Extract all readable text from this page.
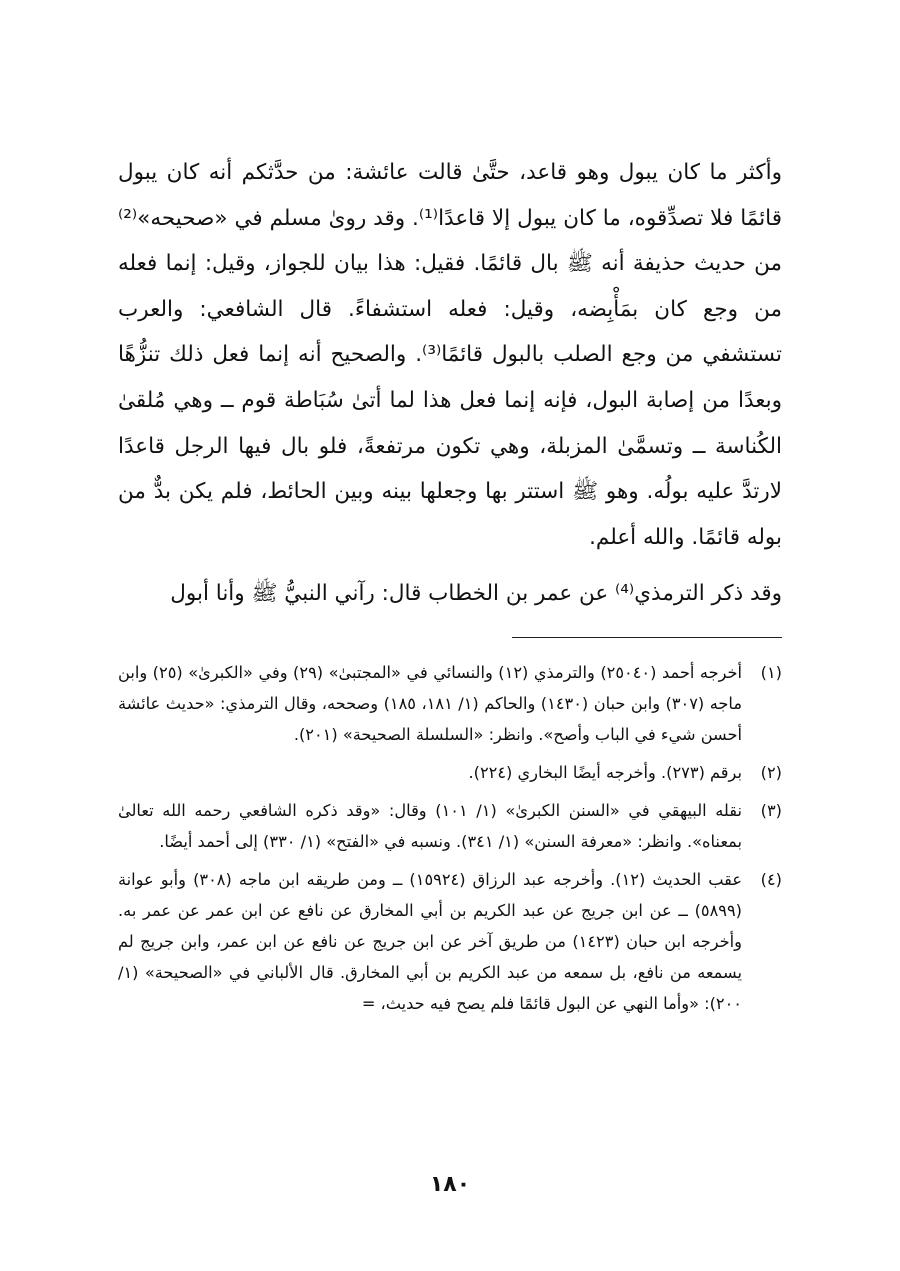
وأكثر ما كان يبول وهو قاعد، حتَّىٰ قالت عائشة: من حدَّثكم أنه كان يبول قائمًا فلا تصدِّقوه، ما كان يبول إلا قاعدًا⁽¹⁾. وقد روىٰ مسلم في «صحيحه»⁽²⁾ من حديث حذيفة أنه ﷺ بال قائمًا. فقيل: هذا بيان للجواز، وقيل: إنما فعله من وجع كان بمَأْبِضه، وقيل: فعله استشفاءً. قال الشافعي: والعرب تستشفي من وجع الصلب بالبول قائمًا⁽³⁾. والصحيح أنه إنما فعل ذلك تنزُّهًا وبعدًا من إصابة البول، فإنه إنما فعل هذا لما أتىٰ سُبَاطة قوم ــ وهي مُلقىٰ الكُناسة ــ وتسمَّىٰ المزبلة، وهي تكون مرتفعةً، فلو بال فيها الرجل قاعدًا لارتدَّ عليه بولُه. وهو ﷺ استتر بها وجعلها بينه وبين الحائط، فلم يكن بدٌّ من بوله قائمًا. والله أعلم.

وقد ذكر الترمذي⁽⁴⁾ عن عمر بن الخطاب قال: رآني النبيُّ ﷺ وأنا أبول

(١)
أخرجه أحمد (٢٥٠٤٠) والترمذي (١٢) والنسائي في «المجتبىٰ» (٢٩) وفي «الكبرىٰ» (٢٥) وابن ماجه (٣٠٧) وابن حبان (١٤٣٠) والحاكم (١/ ١٨١، ١٨٥) وصححه، وقال الترمذي: «حديث عائشة أحسن شيء في الباب وأصح». وانظر: «السلسلة الصحيحة» (٢٠١).
(٢)
برقم (٢٧٣). وأخرجه أيضًا البخاري (٢٢٤).
(٣)
نقله البيهقي في «السنن الكبرىٰ» (١/ ١٠١) وقال: «وقد ذكره الشافعي رحمه الله تعالىٰ بمعناه». وانظر: «معرفة السنن» (١/ ٣٤١). ونسبه في «الفتح» (١/ ٣٣٠) إلى أحمد أيضًا.
(٤)
عقب الحديث (١٢). وأخرجه عبد الرزاق (١٥٩٢٤) ــ ومن طريقه ابن ماجه (٣٠٨) وأبو عوانة (٥٨٩٩) ــ عن ابن جريج عن عبد الكريم بن أبي المخارق عن نافع عن ابن عمر عن عمر به. وأخرجه ابن حبان (١٤٢٣) من طريق آخر عن ابن جريج عن نافع عن ابن عمر، وابن جريج لم يسمعه من نافع، بل سمعه من عبد الكريم بن أبي المخارق. قال الألباني في «الصحيحة» (١/ ٢٠٠): «وأما النهي عن البول قائمًا فلم يصح فيه حديث، =
١٨٠
